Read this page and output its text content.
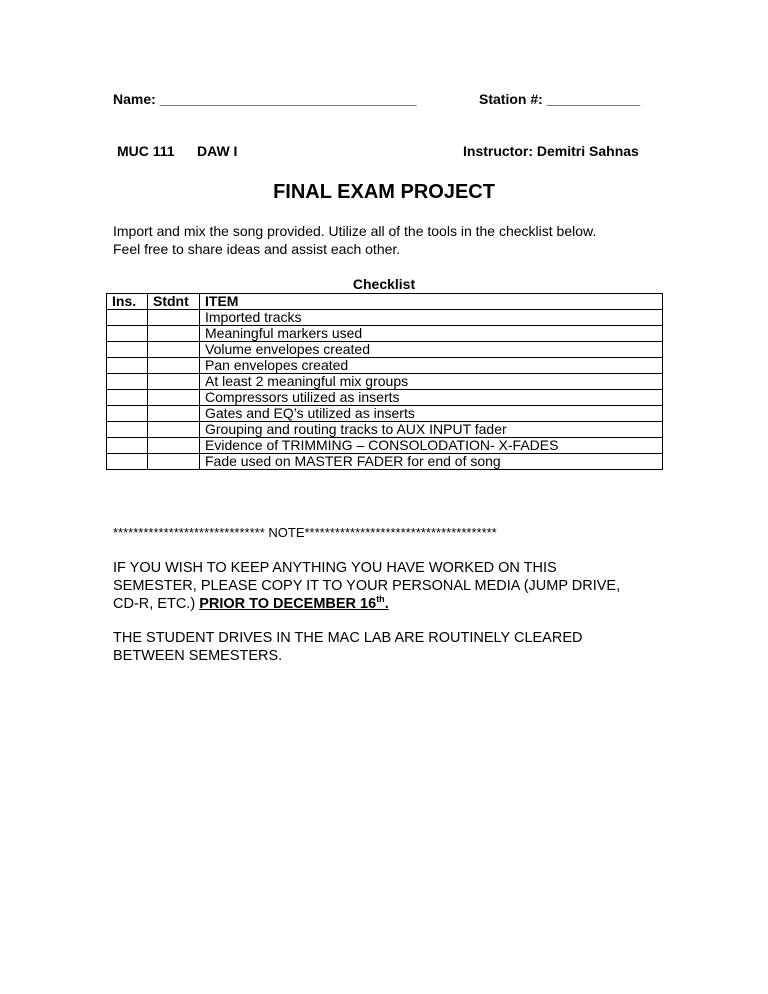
Name: _________________________________	Station #: ____________
MUC 111 DAW I	Instructor: Demitri Sahnas
FINAL EXAM PROJECT
Import and mix the song provided. Utilize all of the tools in the checklist below.
Feel free to share ideas and assist each other.
Checklist
Ins.	Stdnt	ITEM
		Imported tracks
		Meaningful markers used
		Volume envelopes created
		Pan envelopes created
		At least 2 meaningful mix groups
		Compressors utilized as inserts
		Gates and EQ’s utilized as inserts
		Grouping and routing tracks to AUX INPUT fader
		Evidence of TRIMMING – CONSOLODATION- X-FADES
		Fade used on MASTER FADER for end of song
****************************** NOTE**************************************
IF YOU WISH TO KEEP ANYTHING YOU HAVE WORKED ON THIS
SEMESTER, PLEASE COPY IT TO YOUR PERSONAL MEDIA (JUMP DRIVE,
CD-R, ETC.) PRIOR TO DECEMBER 16th.
THE STUDENT DRIVES IN THE MAC LAB ARE ROUTINELY CLEARED
BETWEEN SEMESTERS.
